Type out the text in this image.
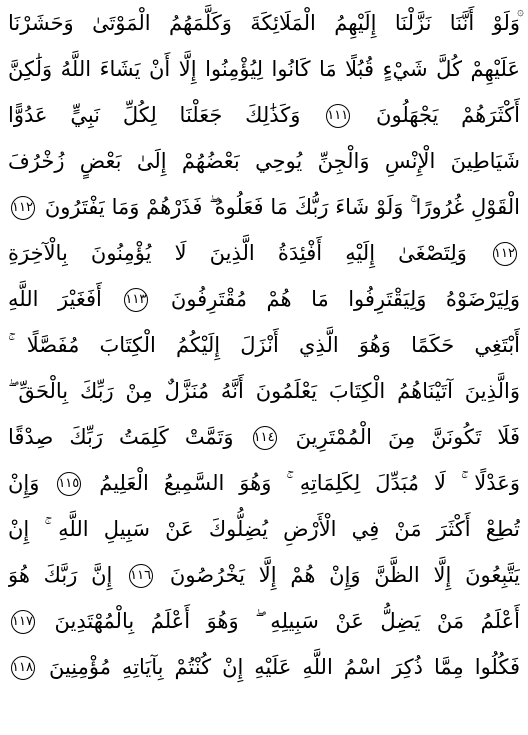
۞
وَلَوْ أَنَّنَا نَزَّلْنَا إِلَيْهِمُ الْمَلَائِكَةَ وَكَلَّمَهُمُ الْمَوْتَىٰ وَحَشَرْنَا
عَلَيْهِمْ كُلَّ شَيْءٍ قُبُلًا مَا كَانُوا لِيُؤْمِنُوا إِلَّا أَنْ يَشَاءَ اللَّهُ وَلَٰكِنَّ
أَكْثَرَهُمْ يَجْهَلُونَ ١١١ وَكَذَٰلِكَ جَعَلْنَا لِكُلِّ نَبِيٍّ عَدُوًّا
شَيَاطِينَ الْإِنْسِ وَالْجِنِّ يُوحِي بَعْضُهُمْ إِلَىٰ بَعْضٍ زُخْرُفَ
الْقَوْلِ غُرُورًا ۚ وَلَوْ شَاءَ رَبُّكَ مَا فَعَلُوهُ ۖ فَذَرْهُمْ وَمَا يَفْتَرُونَ ١١٢
١١٢ وَلِتَصْغَىٰ إِلَيْهِ أَفْئِدَةُ الَّذِينَ لَا يُؤْمِنُونَ بِالْآخِرَةِ
وَلِيَرْضَوْهُ وَلِيَقْتَرِفُوا مَا هُمْ مُقْتَرِفُونَ ١١٣ أَفَغَيْرَ اللَّهِ
أَبْتَغِي حَكَمًا وَهُوَ الَّذِي أَنْزَلَ إِلَيْكُمُ الْكِتَابَ مُفَصَّلًا ۚ
وَالَّذِينَ آتَيْنَاهُمُ الْكِتَابَ يَعْلَمُونَ أَنَّهُ مُنَزَّلٌ مِنْ رَبِّكَ بِالْحَقِّ ۖ
فَلَا تَكُونَنَّ مِنَ الْمُمْتَرِينَ ١١٤ وَتَمَّتْ كَلِمَتُ رَبِّكَ صِدْقًا
وَعَدْلًا ۚ لَا مُبَدِّلَ لِكَلِمَاتِهِ ۚ وَهُوَ السَّمِيعُ الْعَلِيمُ ١١٥ وَإِنْ
تُطِعْ أَكْثَرَ مَنْ فِي الْأَرْضِ يُضِلُّوكَ عَنْ سَبِيلِ اللَّهِ ۚ إِنْ
يَتَّبِعُونَ إِلَّا الظَّنَّ وَإِنْ هُمْ إِلَّا يَخْرُصُونَ ١١٦ إِنَّ رَبَّكَ هُوَ
أَعْلَمُ مَنْ يَضِلُّ عَنْ سَبِيلِهِ ۖ وَهُوَ أَعْلَمُ بِالْمُهْتَدِينَ ١١٧
فَكُلُوا مِمَّا ذُكِرَ اسْمُ اللَّهِ عَلَيْهِ إِنْ كُنْتُمْ بِآيَاتِهِ مُؤْمِنِينَ ١١٨
